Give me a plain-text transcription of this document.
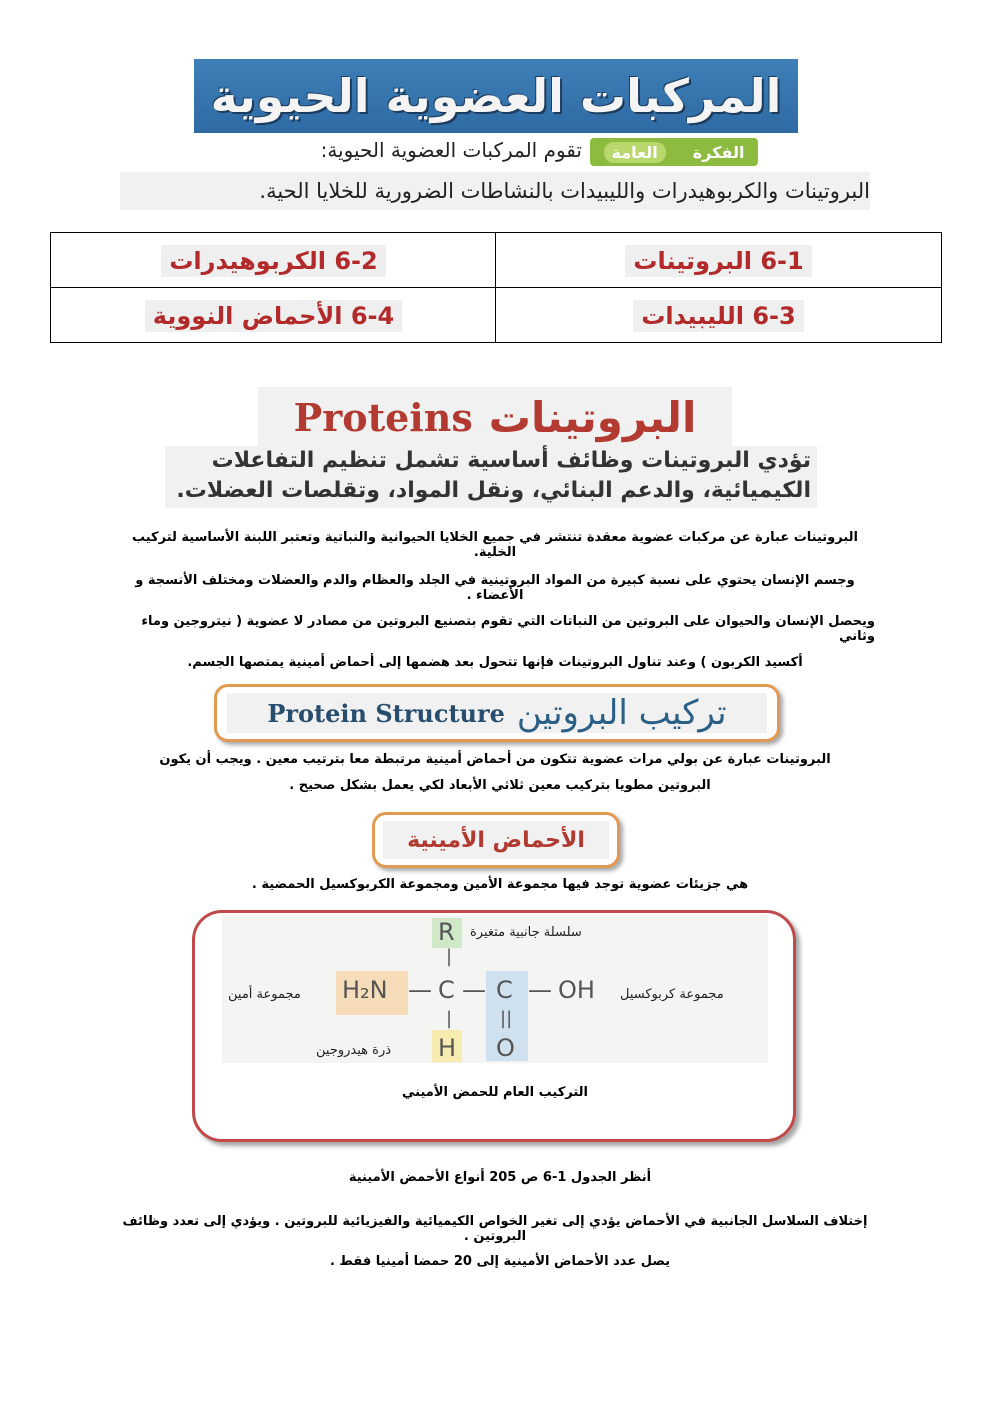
المركبات العضوية الحيوية
الفكرة
العامة
تقوم المركبات العضوية الحيوية:
البروتينات والكربوهيدرات والليبيدات بالنشاطات الضرورية للخلايا الحية.
6-1 البروتينات
6-2 الكربوهيدرات
6-3 الليبيدات
6-4 الأحماض النووية
Proteins البروتينات
تؤدي البروتينات وظائف أساسية تشمل تنظيم التفاعلات الكيميائية، والدعم البنائي، ونقل المواد، وتقلصات العضلات.
البروتينات عبارة عن مركبات عضوية معقدة تنتشر في جميع الخلايا الحيوانية والنباتية وتعتبر اللبنة الأساسية لتركيب الخلية.
وجسم الإنسان يحتوي على نسبة كبيرة من المواد البروتينية في الجلد والعظام والدم والعضلات ومختلف الأنسجة و الأعضاء .
ويحصل الإنسان والحيوان على البروتين من النباتات التي تقوم بتصنيع البروتين من مصادر لا عضوية ( نيتروجين وماء وثاني
أكسيد الكربون ) وعند تناول البروتينات فإنها تتحول بعد هضمها إلى أحماض أمينية يمتصها الجسم.
Protein Structure تركيب البروتين
البروتينات عبارة عن بولي مرات عضوية تتكون من أحماض أمينية مرتبطة معا بترتيب معين . ويجب أن يكون
البروتين مطويا بتركيب معين ثلاثي الأبعاد لكي يعمل بشكل صحيح .
الأحماض الأمينية
هي جزيئات عضوية توجد فيها مجموعة الأمين ومجموعة الكربوكسيل الحمضية .
R
|
H₂N — C — C — OH
|	||
H O
سلسلة جانبية متغيرة
مجموعة أمين	مجموعة كربوكسيل
ذرة هيدروجين
التركيب العام للحمض الأميني
أنظر الجدول 1-6 ص 205 أنواع الأحمض الأمينية
إختلاف السلاسل الجانبية في الأحماض يؤدي إلى تغير الخواص الكيميائية والفيزيائية للبروتين . ويؤدي إلى تعدد وظائف البروتين .
يصل عدد الأحماض الأمينية إلى 20 حمضا أمينيا فقط .
